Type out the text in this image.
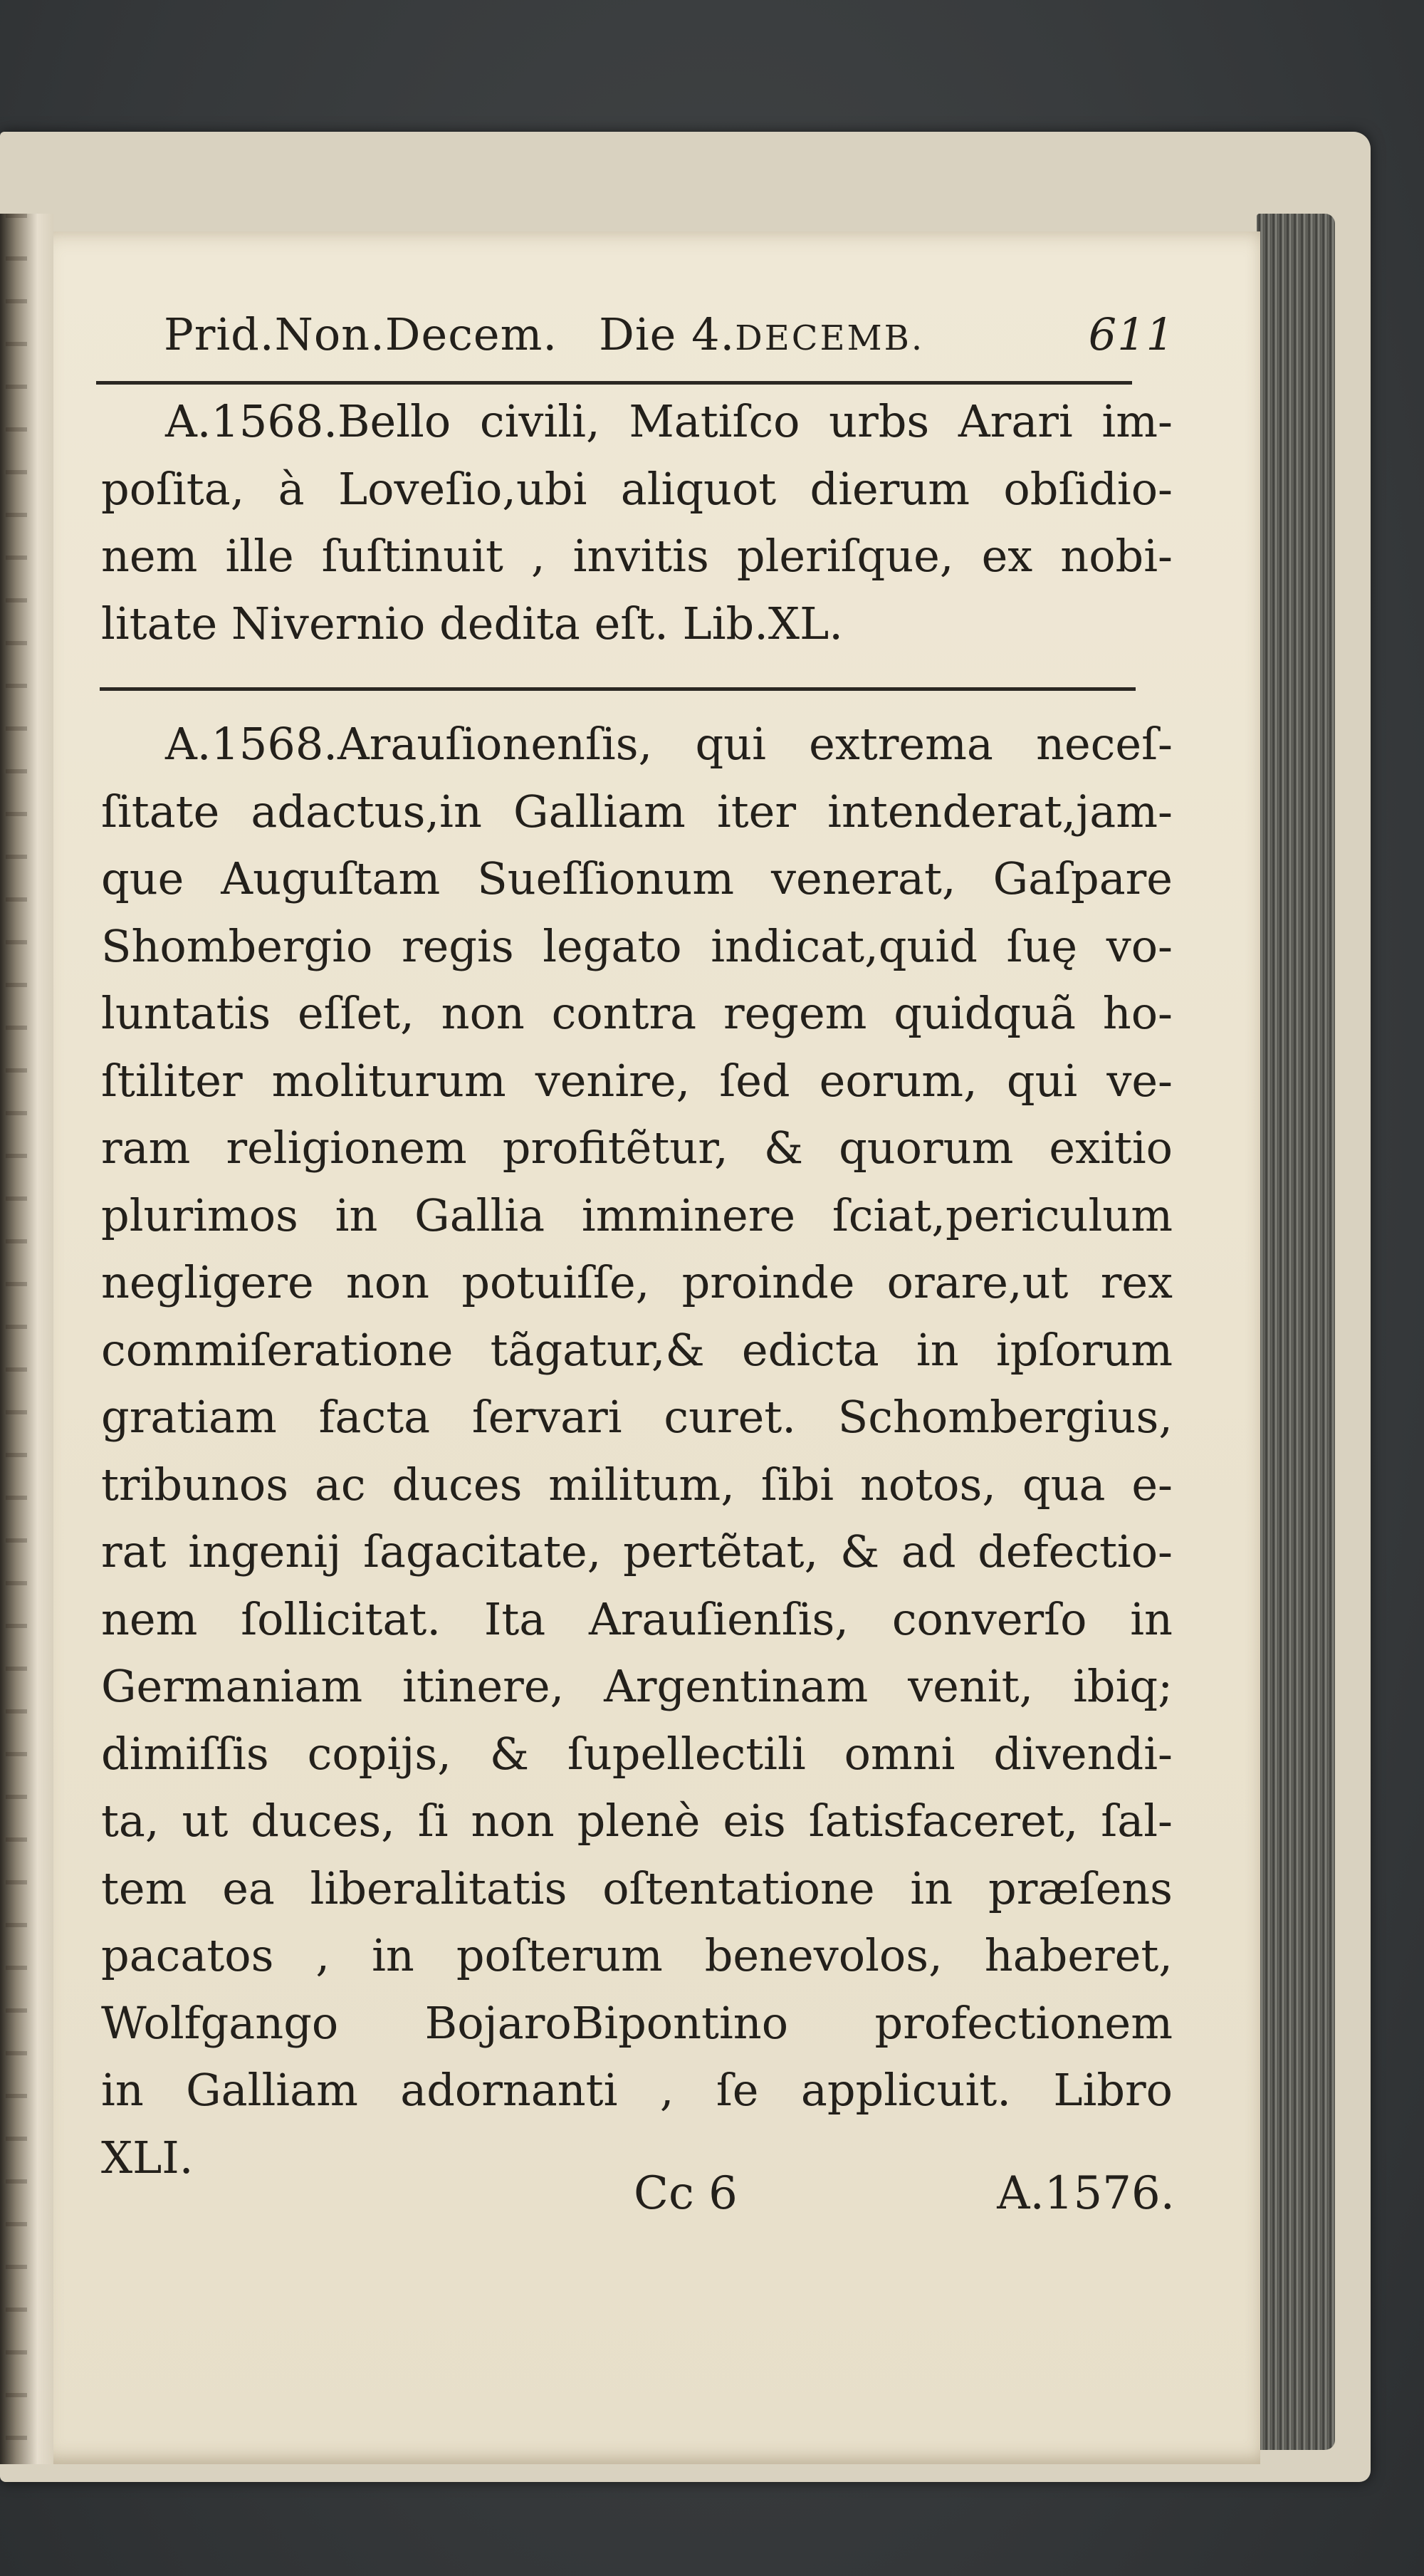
Prid.Non.Decem. Die 4.DECEMB.	611
A.1568.Bello civili, Matiſco urbs Arari im-
poſita, à Loveſio,ubi aliquot dierum obſidio-
nem ille ſuſtinuit , invitis pleriſque, ex nobi-
litate Nivernio dedita eſt. Lib.XL.
A.1568.Arauſionenſis, qui extrema neceſ-
ſitate adactus,in Galliam iter intenderat,jam-
que Auguſtam Sueſſionum venerat, Gaſpare
Shombergio regis legato indicat,quid ſuę vo-
luntatis eſſet, non contra regem quidquã ho-
ſtiliter moliturum venire, ſed eorum, qui ve-
ram religionem profitẽtur, & quorum exitio
plurimos in Gallia imminere ſciat,periculum
negligere non potuiſſe, proinde orare,ut rex
commiſeratione tãgatur,& edicta in ipſorum
gratiam facta ſervari curet. Schombergius,
tribunos ac duces militum, ſibi notos, qua e-
rat ingenij ſagacitate, pertẽtat, & ad defectio-
nem ſollicitat. Ita Arauſienſis, converſo in
Germaniam itinere, Argentinam venit, ibiq;
dimiſſis copijs, & ſupellectili omni divendi-
ta, ut duces, ſi non plenè eis ſatisfaceret, ſal-
tem ea liberalitatis oſtentatione in præſens
pacatos , in poſterum benevolos, haberet,
Wolfgango BojaroBipontino profectionem
in Galliam adornanti , ſe applicuit. Libro
XLI.
Cc 6	A.1576.
